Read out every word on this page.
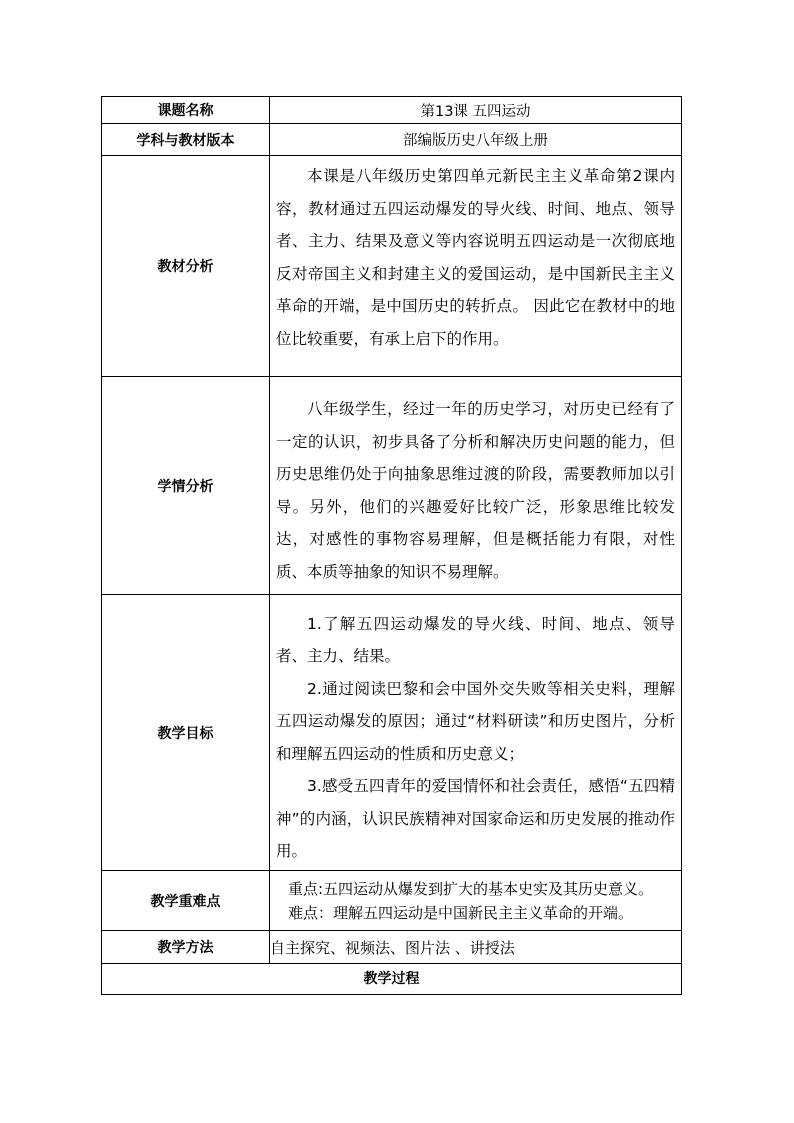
课题名称	第13课 五四运动
学科与教材版本	部编版历史八年级上册
教材分析	本课是八年级历史第四单元新民主主义革命第2课内容，教材通过五四运动爆发的导火线、时间、地点、领导者、主力、结果及意义等内容说明五四运动是一次彻底地反对帝国主义和封建主义的爱国运动，是中国新民主主义革命的开端，是中国历史的转折点。 因此它在教材中的地位比较重要，有承上启下的作用。

学情分析	八年级学生，经过一年的历史学习，对历史已经有了一定的认识，初步具备了分析和解决历史问题的能力，但历史思维仍处于向抽象思维过渡的阶段，需要教师加以引导。另外，他们的兴趣爱好比较广泛，形象思维比较发达，对感性的事物容易理解，但是概括能力有限，对性质、本质等抽象的知识不易理解。

教学目标	1.了解五四运动爆发的导火线、时间、地点、领导者、主力、结果。

2.通过阅读巴黎和会中国外交失败等相关史料，理解五四运动爆发的原因；通过“材料研读”和历史图片，分析和理解五四运动的性质和历史意义；

3.感受五四青年的爱国情怀和社会责任，感悟“五四精神”的内涵，认识民族精神对国家命运和历史发展的推动作用。

教学重难点	重点:五四运动从爆发到扩大的基本史实及其历史意义。

难点：理解五四运动是中国新民主主义革命的开端。

教学方法	自主探究、视频法、图片法 、讲授法
教学过程	
